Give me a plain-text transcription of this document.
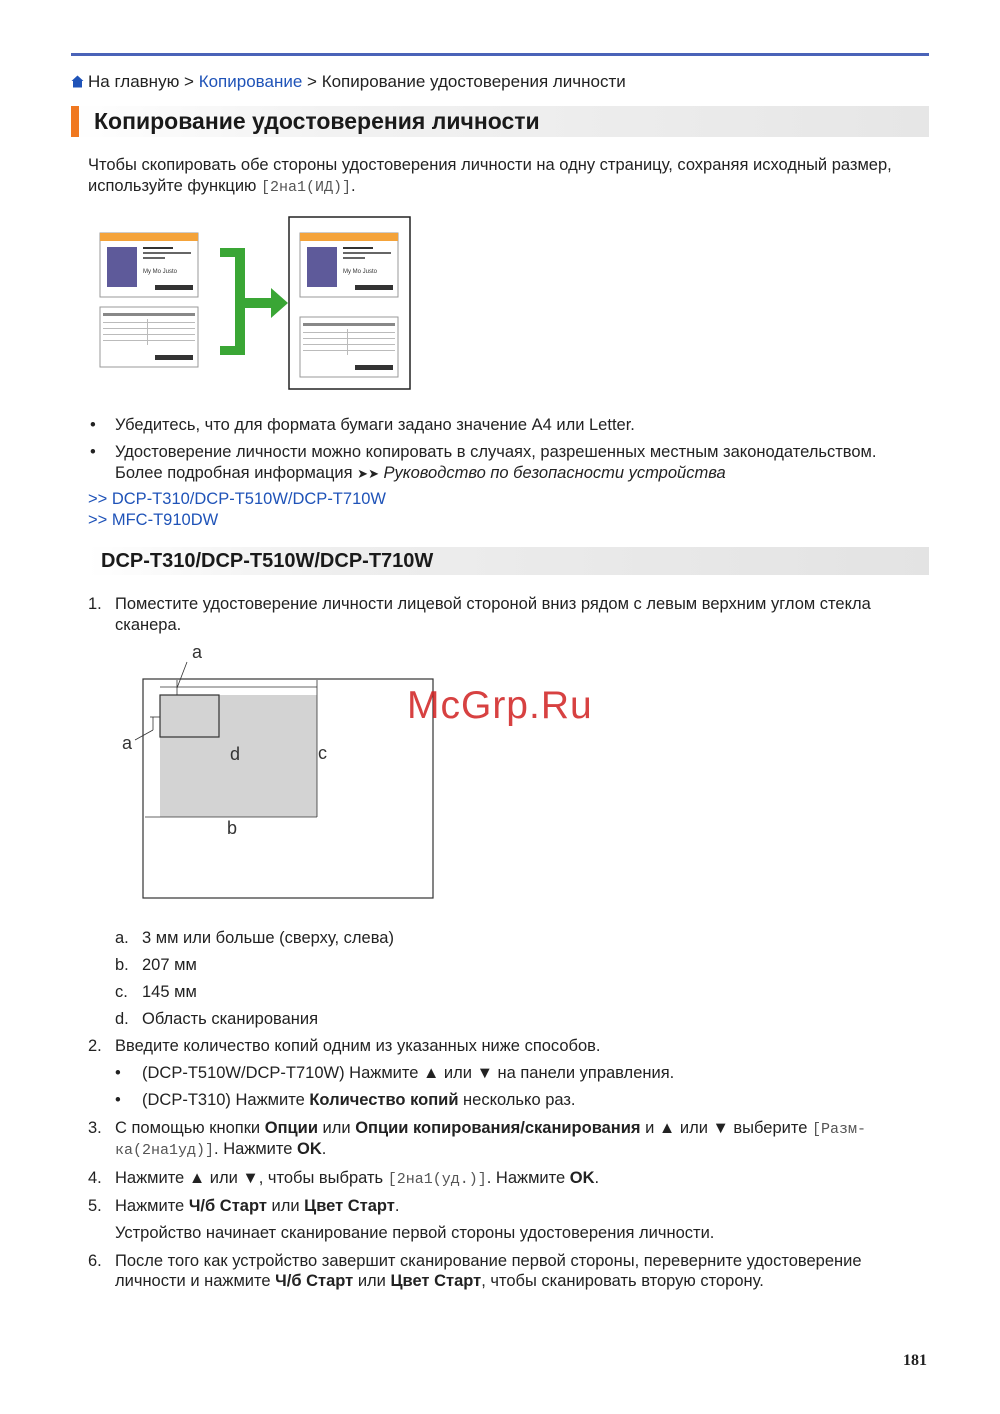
На главную > Копирование > Копирование удостоверения личности
Копирование удостоверения личности
Чтобы скопировать обе стороны удостоверения личности на одну страницу, сохраняя исходный размер,
используйте функцию [2на1(ИД)].
My Mo Justo	My Mo Justo
• Убедитесь, что для формата бумаги задано значение A4 или Letter.
• Удостоверение личности можно копировать в случаях, разрешенных местным законодательством.
Более подробная информация ➤➤ Руководство по безопасности устройства
>> DCP-T310/DCP-T510W/DCP-T710W
>> MFC-T910DW
DCP-T310/DCP-T510W/DCP-T710W
1. Поместите удостоверение личности лицевой стороной вниз рядом с левым верхним углом стекла
сканера.
a
a
d	c
b
a. 3 мм или больше (сверху, слева)
b. 207 мм
c. 145 мм
d. Область сканирования
2. Введите количество копий одним из указанных ниже способов.
• (DCP-T510W/DCP-T710W) Нажмите ▲ или ▼ на панели управления.
• (DCP-T310) Нажмите Количество копий несколько раз.
3. С помощью кнопки Опции или Опции копирования/сканирования и ▲ или ▼ выберите [Разм-
ка(2на1уд)]. Нажмите OK.
4. Нажмите ▲ или ▼, чтобы выбрать [2на1(уд.)]. Нажмите OK.
5. Нажмите Ч/б Старт или Цвет Старт.
Устройство начинает сканирование первой стороны удостоверения личности.
6. После того как устройство завершит сканирование первой стороны, переверните удостоверение
личности и нажмите Ч/б Старт или Цвет Старт, чтобы сканировать вторую сторону.
McGrp.Ru
181
